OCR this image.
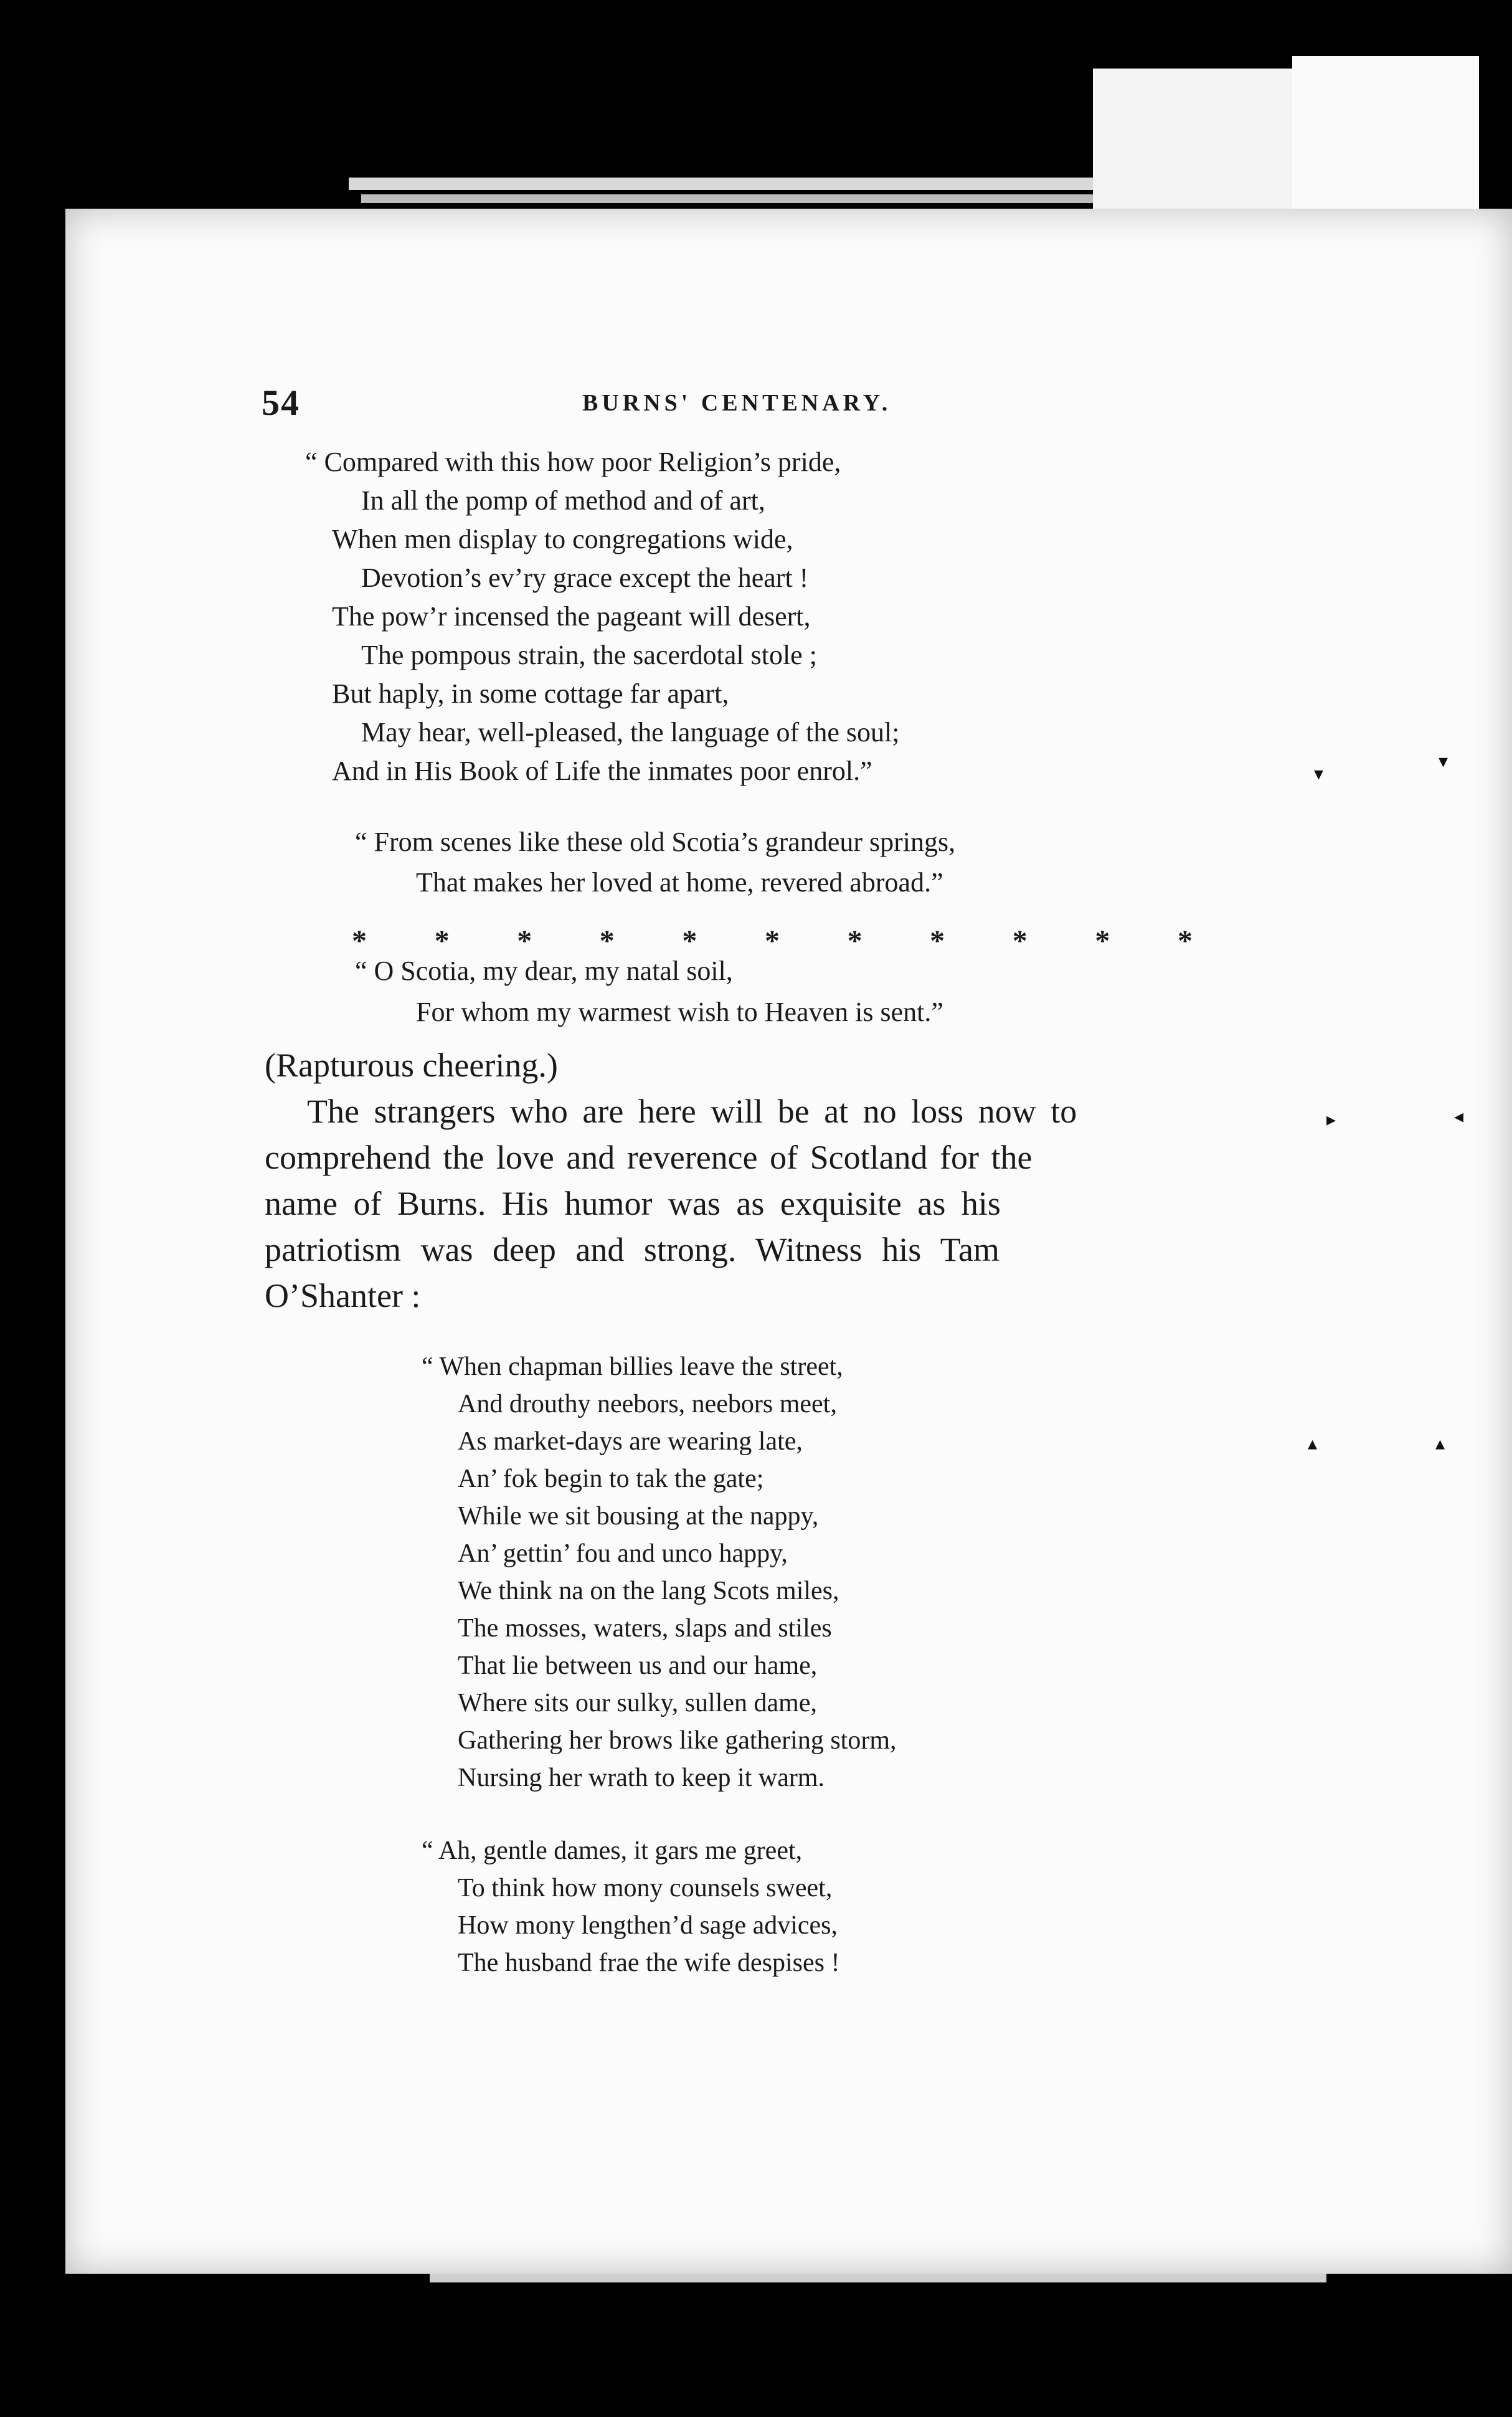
54	BURNS' CENTENARY.
“ Compared with this how poor Religion’s pride,
In all the pomp of method and of art,
When men display to congregations wide,
Devotion’s ev’ry grace except the heart !
The pow’r incensed the pageant will desert,
The pompous strain, the sacerdotal stole ;
But haply, in some cottage far apart,
May hear, well-pleased, the language of the soul;
And in His Book of Life the inmates poor enrol.”
“ From scenes like these old Scotia’s grandeur springs,
That makes her loved at home, revered abroad.”
* * * * * * * * * * *
“ O Scotia, my dear, my natal soil,
For whom my warmest wish to Heaven is sent.”
(Rapturous cheering.)
The strangers who are here will be at no loss now to
comprehend the love and reverence of Scotland for the
name of Burns. His humor was as exquisite as his
patriotism was deep and strong. Witness his Tam
O’Shanter :
“ When chapman billies leave the street,
And drouthy neebors, neebors meet,
As market-days are wearing late,
An’ fok begin to tak the gate;
While we sit bousing at the nappy,
An’ gettin’ fou and unco happy,
We think na on the lang Scots miles,
The mosses, waters, slaps and stiles
That lie between us and our hame,
Where sits our sulky, sullen dame,
Gathering her brows like gathering storm,
Nursing her wrath to keep it warm.
“ Ah, gentle dames, it gars me greet,
To think how mony counsels sweet,
How mony lengthen’d sage advices,
The husband frae the wife despises !
▾
▾
▸	◂
▴	▴
